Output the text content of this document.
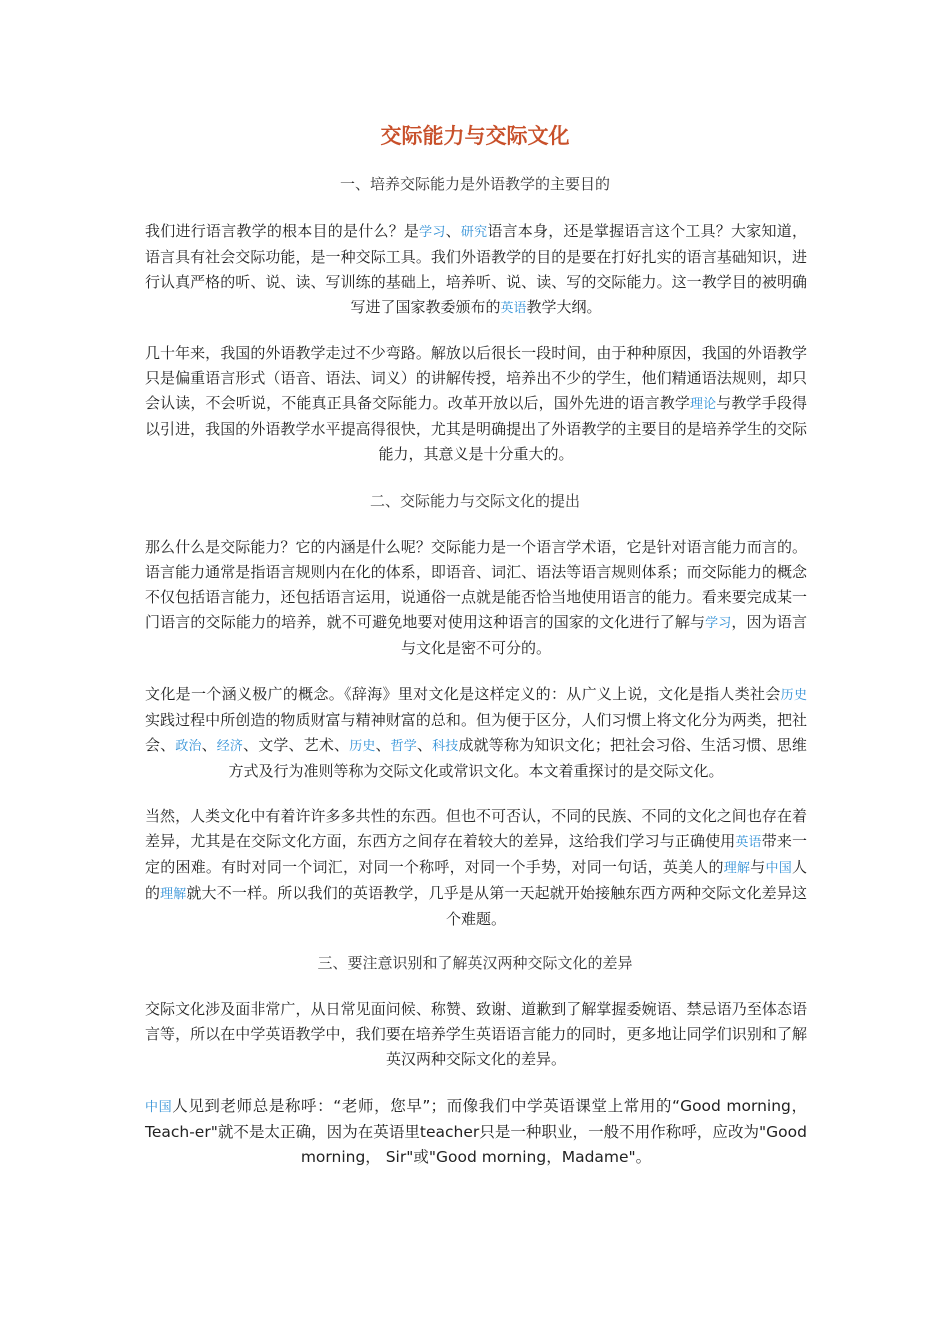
交际能力与交际文化
一、培养交际能力是外语教学的主要目的
我们进行语言教学的根本目的是什么？是学习、研究语言本身，还是掌握语言这个工具？大家知道，语言具有社会交际功能，是一种交际工具。我们外语教学的目的是要在打好扎实的语言基础知识，进行认真严格的听、说、读、写训练的基础上，培养听、说、读、写的交际能力。这一教学目的被明确写进了国家教委颁布的英语教学大纲。
几十年来，我国的外语教学走过不少弯路。解放以后很长一段时间，由于种种原因，我国的外语教学只是偏重语言形式（语音、语法、词义）的讲解传授，培养出不少的学生，他们精通语法规则，却只会认读，不会听说，不能真正具备交际能力。改革开放以后，国外先进的语言教学理论与教学手段得以引进，我国的外语教学水平提高得很快，尤其是明确提出了外语教学的主要目的是培养学生的交际能力，其意义是十分重大的。
二、交际能力与交际文化的提出
那么什么是交际能力？它的内涵是什么呢？交际能力是一个语言学术语，它是针对语言能力而言的。语言能力通常是指语言规则内在化的体系，即语音、词汇、语法等语言规则体系；而交际能力的概念不仅包括语言能力，还包括语言运用，说通俗一点就是能否恰当地使用语言的能力。看来要完成某一门语言的交际能力的培养，就不可避免地要对使用这种语言的国家的文化进行了解与学习，因为语言与文化是密不可分的。
文化是一个涵义极广的概念。《辞海》里对文化是这样定义的：从广义上说，文化是指人类社会历史实践过程中所创造的物质财富与精神财富的总和。但为便于区分，人们习惯上将文化分为两类，把社会、政治、经济、文学、艺术、历史、哲学、科技成就等称为知识文化；把社会习俗、生活习惯、思维方式及行为准则等称为交际文化或常识文化。本文着重探讨的是交际文化。
当然，人类文化中有着许许多多共性的东西。但也不可否认，不同的民族、不同的文化之间也存在着差异，尤其是在交际文化方面，东西方之间存在着较大的差异，这给我们学习与正确使用英语带来一定的困难。有时对同一个词汇，对同一个称呼，对同一个手势，对同一句话，英美人的理解与中国人的理解就大不一样。所以我们的英语教学，几乎是从第一天起就开始接触东西方两种交际文化差异这个难题。
三、要注意识别和了解英汉两种交际文化的差异
交际文化涉及面非常广，从日常见面问候、称赞、致谢、道歉到了解掌握委婉语、禁忌语乃至体态语言等，所以在中学英语教学中，我们要在培养学生英语语言能力的同时，更多地让同学们识别和了解英汉两种交际文化的差异。
中国人见到老师总是称呼：“老师，您早”；而像我们中学英语课堂上常用的“Good morning，Teach-er"就不是太正确，因为在英语里teacher只是一种职业，一般不用作称呼，应改为"Good morning， Sir"或"Good morning，Madame"。
